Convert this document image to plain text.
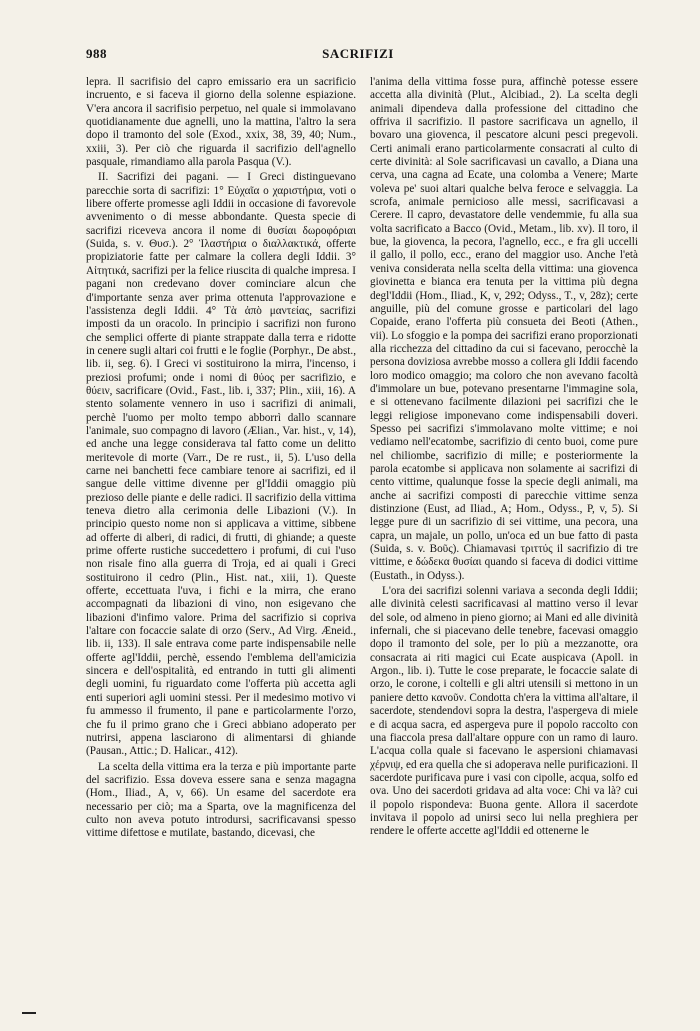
988	SACRIFIZI

lepra. Il sacrifisio del capro emissario era un sacrificio incruento, e si faceva il giorno della solenne espiazione. V'era ancora il sacrifisio perpetuo, nel quale si immolavano quotidianamente due agnelli, uno la mattina, l'altro la sera dopo il tramonto del sole (Exod., xxix, 38, 39, 40; Num., xxiii, 3). Per ciò che riguarda il sacrifizio dell'agnello pasquale, rimandiamo alla parola Pasqua (V.).

II. Sacrifizi dei pagani. — I Greci distinguevano parecchie sorta di sacrifizi: 1° Εὐχαῖα o χαριστήρια, voti o libere offerte promesse agli Iddii in occasione di favorevole avvenimento o di messe abbondante. Questa specie di sacrifizi riceveva ancora il nome di θυσίαι δωροφόριαι (Suida, s. v. Θυσ.). 2° Ἱλαστήρια o διαλλακτικά, offerte propiziatorie fatte per calmare la collera degli Iddii. 3° Αἰτητικά, sacrifizi per la felice riuscita di qualche impresa. I pagani non credevano dover cominciare alcun che d'importante senza aver prima ottenuta l'approvazione e l'assistenza degli Iddii. 4° Τὰ ἀπὸ μαντείας, sacrifizi imposti da un oracolo. In principio i sacrifizi non furono che semplici offerte di piante strappate dalla terra e ridotte in cenere sugli altari coi frutti e le foglie (Porphyr., De abst., lib. ii, seg. 6). I Greci vi sostituirono la mirra, l'incenso, i preziosi profumi; onde i nomi di θύος per sacrifizio, e θύειν, sacrificare (Ovid., Fast., lib. i, 337; Plin., xiii, 16). A stento solamente vennero in uso i sacrifizi di animali, perchè l'uomo per molto tempo abborrì dallo scannare l'animale, suo compagno di lavoro (Ælian., Var. hist., v, 14), ed anche una legge considerava tal fatto come un delitto meritevole di morte (Varr., De re rust., ii, 5). L'uso della carne nei banchetti fece cambiare tenore ai sacrifizi, ed il sangue delle vittime divenne per gl'Iddii omaggio più prezioso delle piante e delle radici. Il sacrifizio della vittima teneva dietro alla cerimonia delle Libazioni (V.). In principio questo nome non si applicava a vittime, sibbene ad offerte di alberi, di radici, di frutti, di ghiande; a queste prime offerte rustiche succedettero i profumi, di cui l'uso non risale fino alla guerra di Troja, ed ai quali i Greci sostituirono il cedro (Plin., Hist. nat., xiii, 1). Queste offerte, eccettuata l'uva, i fichi e la mirra, che erano accompagnati da libazioni di vino, non esigevano che libazioni d'infimo valore. Prima del sacrifizio si copriva l'altare con focaccie salate di orzo (Serv., Ad Virg. Æneid., lib. ii, 133). Il sale entrava come parte indispensabile nelle offerte agl'Iddii, perchè, essendo l'emblema dell'amicizia sincera e dell'ospitalità, ed entrando in tutti gli alimenti degli uomini, fu riguardato come l'offerta più accetta agli enti superiori agli uomini stessi. Per il medesimo motivo vi fu ammesso il frumento, il pane e particolarmente l'orzo, che fu il primo grano che i Greci abbiano adoperato per nutrirsi, appena lasciarono di alimentarsi di ghiande (Pausan., Attic.; D. Halicar., 412).

La scelta della vittima era la terza e più importante parte del sacrifizio. Essa doveva essere sana e senza magagna (Hom., Iliad., A, v, 66). Un esame del sacerdote era necessario per ciò; ma a Sparta, ove la magnificenza del culto non aveva potuto introdursi, sacrificavansi spesso vittime difettose e mutilate, bastando, dicevasi, che

l'anima della vittima fosse pura, affinchè potesse essere accetta alla divinità (Plut., Alcibiad., 2). La scelta degli animali dipendeva dalla professione del cittadino che offriva il sacrifizio. Il pastore sacrificava un agnello, il bovaro una giovenca, il pescatore alcuni pesci pregevoli. Certi animali erano particolarmente consacrati al culto di certe divinità: al Sole sacrificavasi un cavallo, a Diana una cerva, una cagna ad Ecate, una colomba a Venere; Marte voleva pe' suoi altari qualche belva feroce e selvaggia. La scrofa, animale pernicioso alle messi, sacrificavasi a Cerere. Il capro, devastatore delle vendemmie, fu alla sua volta sacrificato a Bacco (Ovid., Metam., lib. xv). Il toro, il bue, la giovenca, la pecora, l'agnello, ecc., e fra gli uccelli il gallo, il pollo, ecc., erano del maggior uso. Anche l'età veniva considerata nella scelta della vittima: una giovenca giovinetta e bianca era tenuta per la vittima più degna degl'Iddii (Hom., Iliad., K, v, 292; Odyss., T., v, 28z); certe anguille, più del comune grosse e particolari del lago Copaide, erano l'offerta più consueta dei Beoti (Athen., vii). Lo sfoggio e la pompa dei sacrifizi erano proporzionati alla ricchezza del cittadino da cui si facevano, perocchè la persona doviziosa avrebbe mosso a collera gli Iddii facendo loro modico omaggio; ma coloro che non avevano facoltà d'immolare un bue, potevano presentarne l'immagine sola, e si ottenevano facilmente dilazioni pei sacrifizi che le leggi religiose imponevano come indispensabili doveri. Spesso pei sacrifizi s'immolavano molte vittime; e noi vediamo nell'ecatombe, sacrifizio di cento buoi, come pure nel chiliombe, sacrifizio di mille; e posteriormente la parola ecatombe si applicava non solamente ai sacrifizi di cento vittime, qualunque fosse la specie degli animali, ma anche ai sacrifizi composti di parecchie vittime senza distinzione (Eust, ad Iliad., A; Hom., Odyss., P, v, 5). Si legge pure di un sacrifizio di sei vittime, una pecora, una capra, un majale, un pollo, un'oca ed un bue fatto di pasta (Suida, s. v. Βοῦς). Chiamavasi τριττύς il sacrifizio di tre vittime, e δώδεκα θυσίαι quando si faceva di dodici vittime (Eustath., in Odyss.).

L'ora dei sacrifizi solenni variava a seconda degli Iddii; alle divinità celesti sacrificavasi al mattino verso il levar del sole, od almeno in pieno giorno; ai Mani ed alle divinità infernali, che si piacevano delle tenebre, facevasi omaggio dopo il tramonto del sole, per lo più a mezzanotte, ora consacrata ai riti magici cui Ecate auspicava (Apoll. in Argon., lib. i). Tutte le cose preparate, le focaccie salate di orzo, le corone, i coltelli e gli altri utensili si mettono in un paniere detto κανοῦν. Condotta ch'era la vittima all'altare, il sacerdote, stendendovi sopra la destra, l'aspergeva di miele e di acqua sacra, ed aspergeva pure il popolo raccolto con una fiaccola presa dall'altare oppure con un ramo di lauro. L'acqua colla quale si facevano le aspersioni chiamavasi χέρνιψ, ed era quella che si adoperava nelle purificazioni. Il sacerdote purificava pure i vasi con cipolle, acqua, solfo ed ova. Uno dei sacerdoti gridava ad alta voce: Chi va là? cui il popolo rispondeva: Buona gente. Allora il sacerdote invitava il popolo ad unirsi seco lui nella preghiera per rendere le offerte accette agl'Iddii ed ottenerne le
